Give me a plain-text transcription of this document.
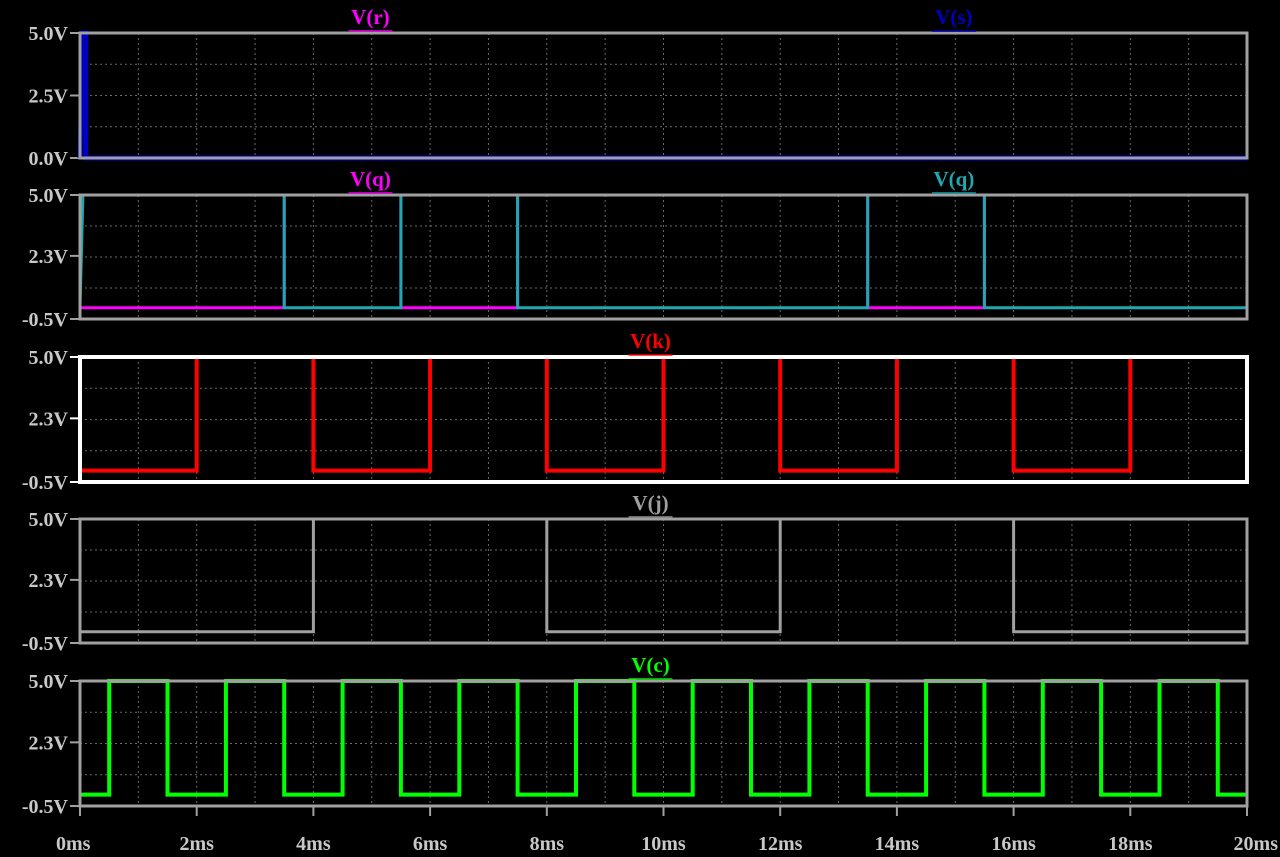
5.0V
2.5V
0.0V
V(r)	V(s)
5.0V
2.3V
-0.5V
V(q)	V(q)
5.0V
2.3V
-0.5V
V(k)
5.0V
2.3V
-0.5V
V(j)
5.0V
2.3V
-0.5V
V(c)
0ms	2ms	4ms	6ms	8ms	10ms	12ms	14ms	16ms	18ms	20ms
